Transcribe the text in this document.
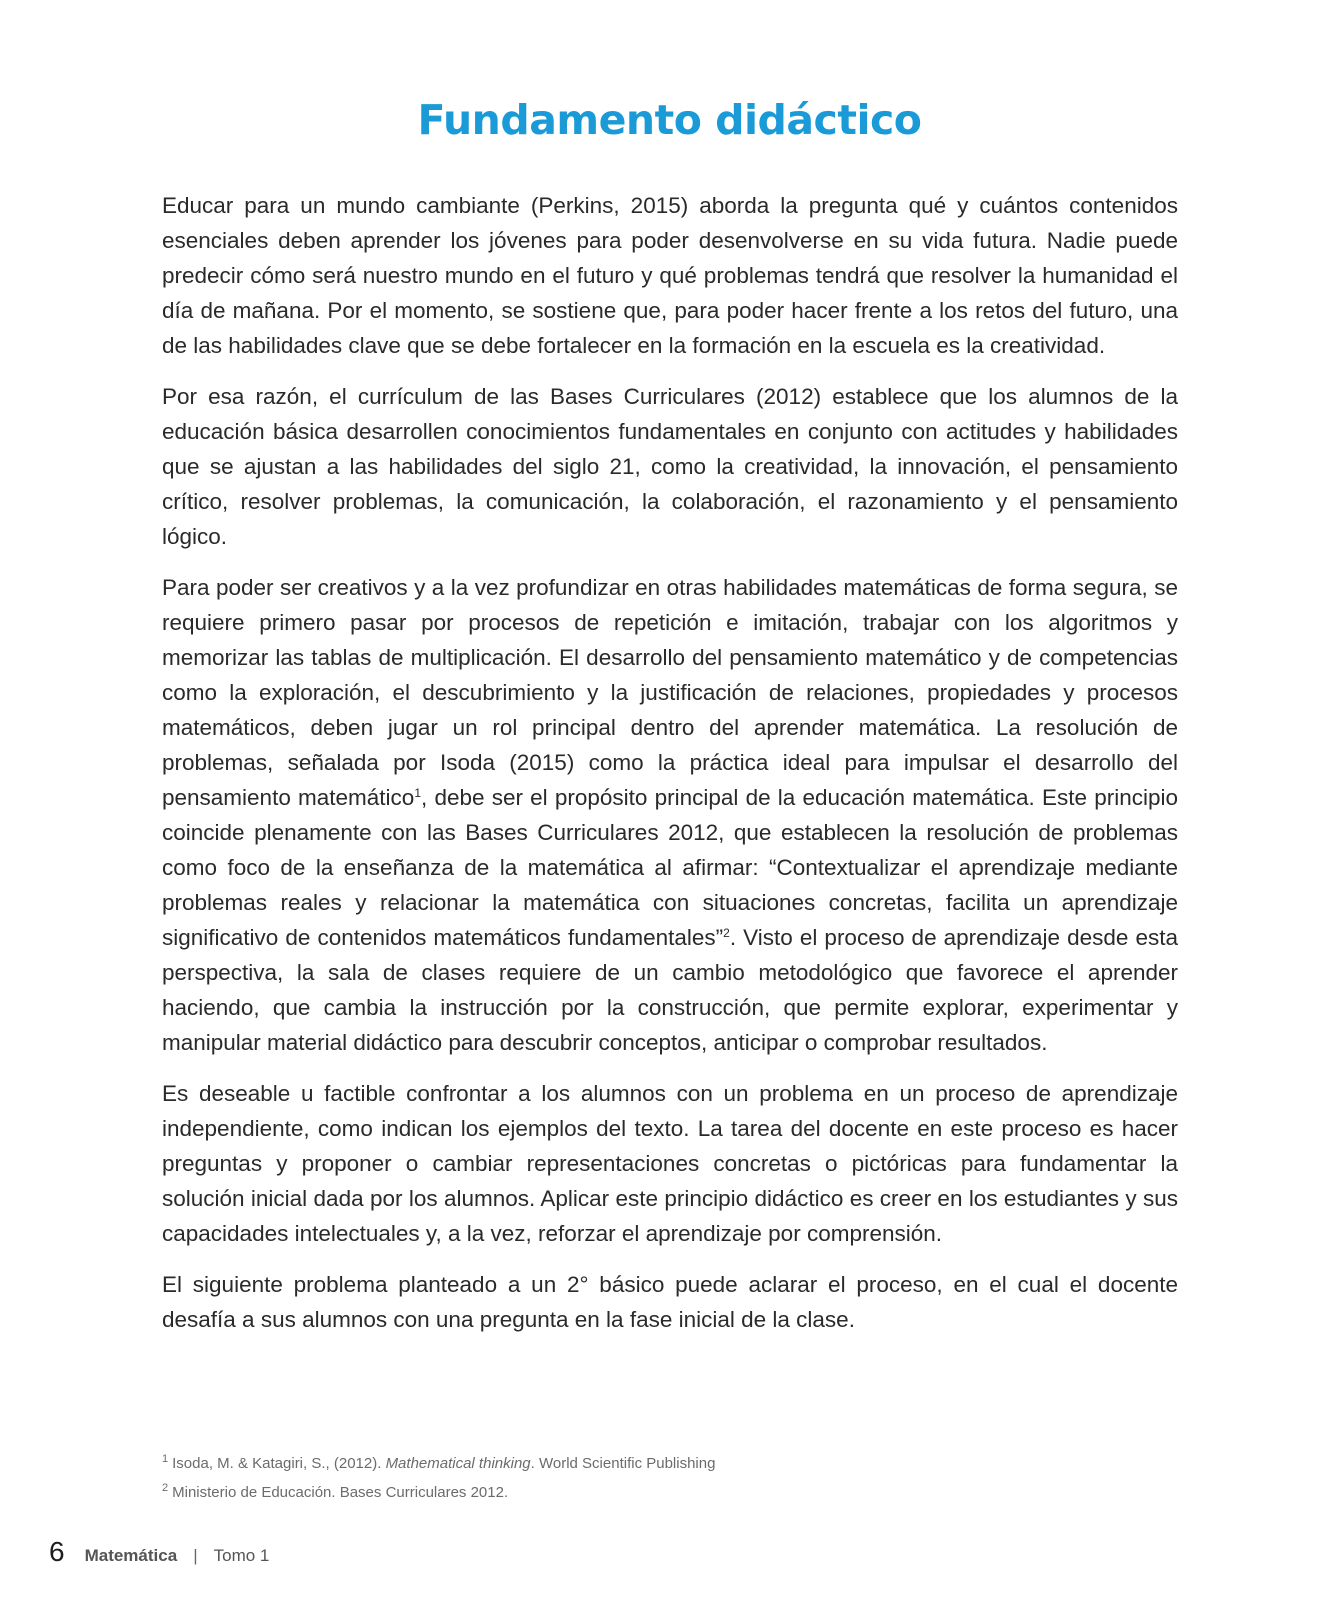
Fundamento didáctico

Educar para un mundo cambiante (Perkins, 2015) aborda la pregunta qué y cuántos contenidos esenciales deben aprender los jóvenes para poder desenvolverse en su vida futura. Nadie puede predecir cómo será nuestro mundo en el futuro y qué problemas tendrá que resolver la humanidad el día de mañana. Por el momento, se sostiene que, para poder hacer frente a los retos del futuro, una de las habilidades clave que se debe fortalecer en la formación en la escuela es la creatividad.

Por esa razón, el currículum de las Bases Curriculares (2012) establece que los alumnos de la educación básica desarrollen conocimientos fundamentales en conjunto con actitudes y habilidades que se ajustan a las habilidades del siglo 21, como la creatividad, la innovación, el pensamiento crítico, resolver problemas, la comunicación, la colaboración, el razonamiento y el pensamiento lógico.

Para poder ser creativos y a la vez profundizar en otras habilidades matemáticas de forma segura, se requiere primero pasar por procesos de repetición e imitación, trabajar con los algoritmos y memorizar las tablas de multiplicación. El desarrollo del pensamiento matemático y de competencias como la exploración, el descubrimiento y la justificación de relaciones, propiedades y procesos matemáticos, deben jugar un rol principal dentro del aprender matemática. La resolución de problemas, señalada por Isoda (2015) como la práctica ideal para impulsar el desarrollo del pensamiento matemático$^1$, debe ser el propósito principal de la educación matemática. Este principio coincide plenamente con las Bases Curriculares 2012, que establecen la resolución de problemas como foco de la enseñanza de la matemática al afirmar: “Contextualizar el aprendizaje mediante problemas reales y relacionar la matemática con situaciones concretas, facilita un aprendizaje significativo de contenidos matemáticos fundamentales”$^2$. Visto el proceso de aprendizaje desde esta perspectiva, la sala de clases requiere de un cambio metodológico que favorece el aprender haciendo, que cambia la instrucción por la construcción, que permite explorar, experimentar y manipular material didáctico para descubrir conceptos, anticipar o comprobar resultados.

Es deseable u factible confrontar a los alumnos con un problema en un proceso de aprendizaje independiente, como indican los ejemplos del texto. La tarea del docente en este proceso es hacer preguntas y proponer o cambiar representaciones concretas o pictóricas para fundamentar la solución inicial dada por los alumnos. Aplicar este principio didáctico es creer en los estudiantes y sus capacidades intelectuales y, a la vez, reforzar el aprendizaje por comprensión.

El siguiente problema planteado a un 2° básico puede aclarar el proceso, en el cual el docente desafía a sus alumnos con una pregunta en la fase inicial de la clase.

$^1$ Isoda, M. & Katagiri, S., (2012). Mathematical thinking. World Scientific Publishing

$^2$ Ministerio de Educación. Bases Curriculares 2012.

6 Matemática | Tomo 1
